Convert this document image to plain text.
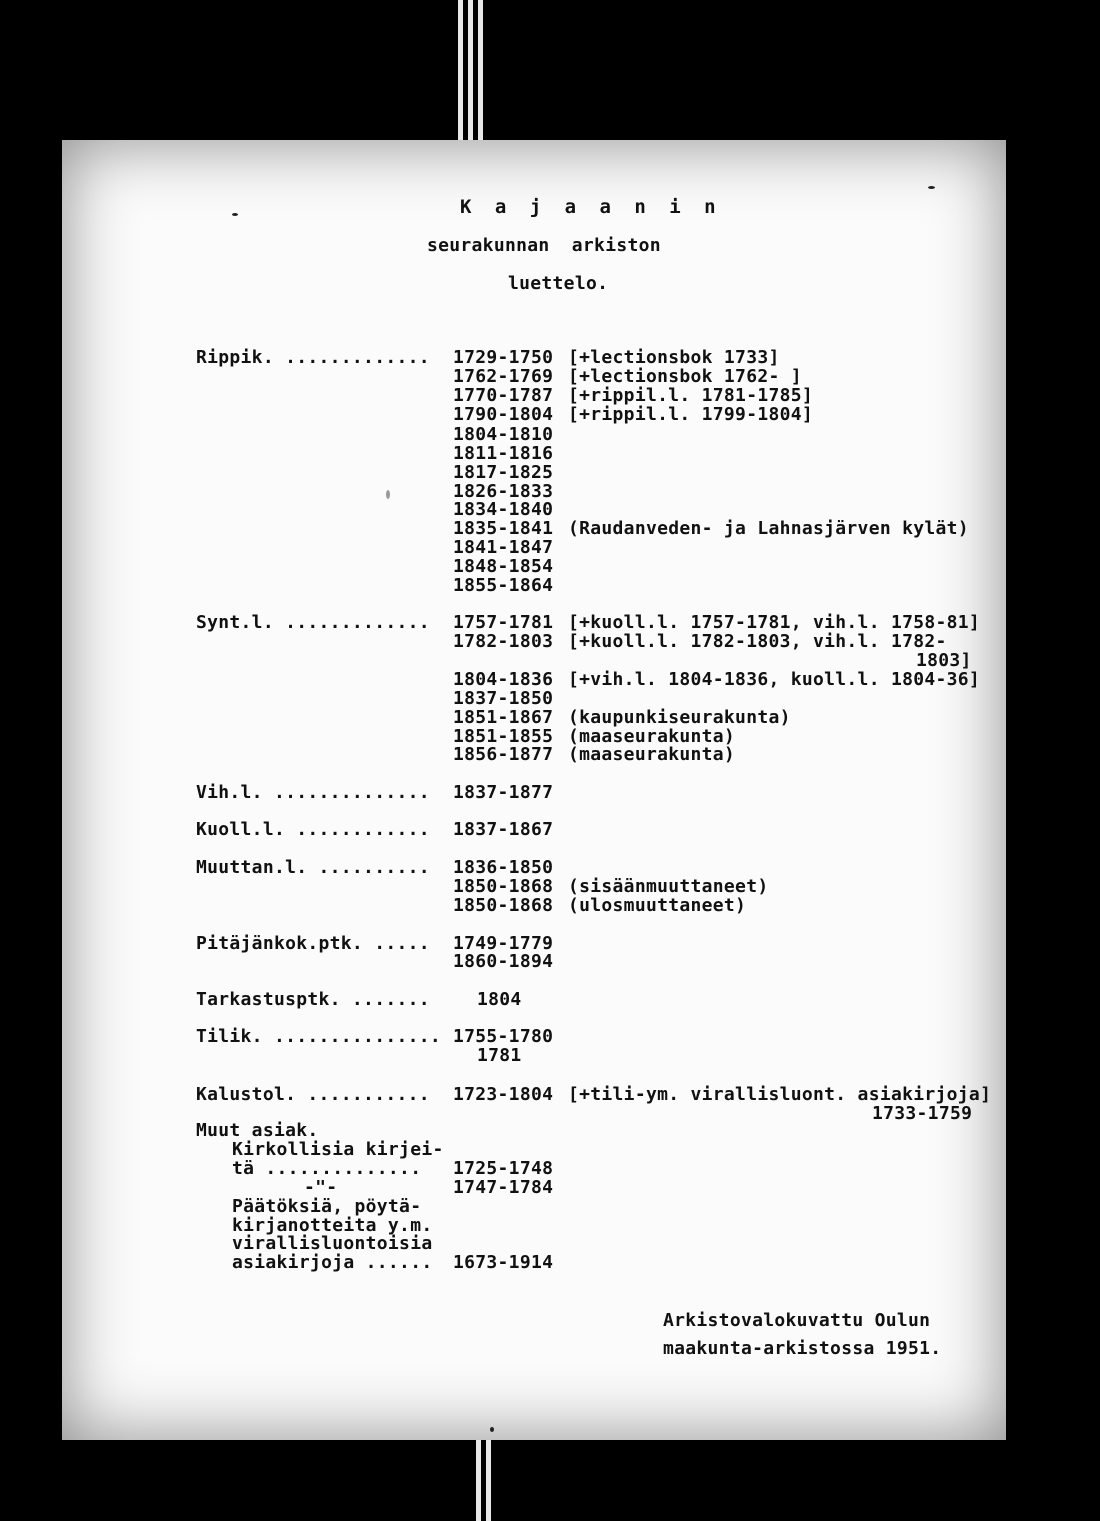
K a j a a n i n
seurakunnan  arkiston
luettelo.
Rippik. ............. 1729-1750
1762-1769
1770-1787
1790-1804
1804-1810
1811-1816
1817-1825
1826-1833
1834-1840
1835-1841
1841-1847
1848-1854
1855-1864
[+lectionsbok 1733]
[+lectionsbok 1762- ]
[+rippil.l. 1781-1785]
[+rippil.l. 1799-1804]
(Raudanveden- ja Lahnasjärven kylät)
Synt.l. ............. 1757-1781
1782-1803
1804-1836
1837-1850
1851-1867
1851-1855
1856-1877
[+kuoll.l. 1757-1781, vih.l. 1758-81]
[+kuoll.l. 1782-1803, vih.l. 1782-
1803]
[+vih.l. 1804-1836, kuoll.l. 1804-36]
(kaupunkiseurakunta)
(maaseurakunta)
(maaseurakunta)
Vih.l. .............. 1837-1877
Kuoll.l. ............ 1837-1867
Muuttan.l. .......... 1836-1850
1850-1868
1850-1868
(sisäänmuuttaneet)
(ulosmuuttaneet)
Pitäjänkok.ptk. ..... 1749-1779
1860-1894
Tarkastusptk. .......	1804
Tilik. ............... 1755-1780
1781
Kalustol. ........... 1723-1804 [+tili-ym. virallisluont. asiakirjoja]
1733-1759
Muut asiak.
Kirkollisia kirjei-
tä ..............
-"-
Päätöksiä, pöytä-
kirjanotteita y.m.
virallisluontoisia
asiakirjoja ......
1725-1748
1747-1784
1673-1914
Arkistovalokuvattu Oulun
maakunta-arkistossa 1951.
